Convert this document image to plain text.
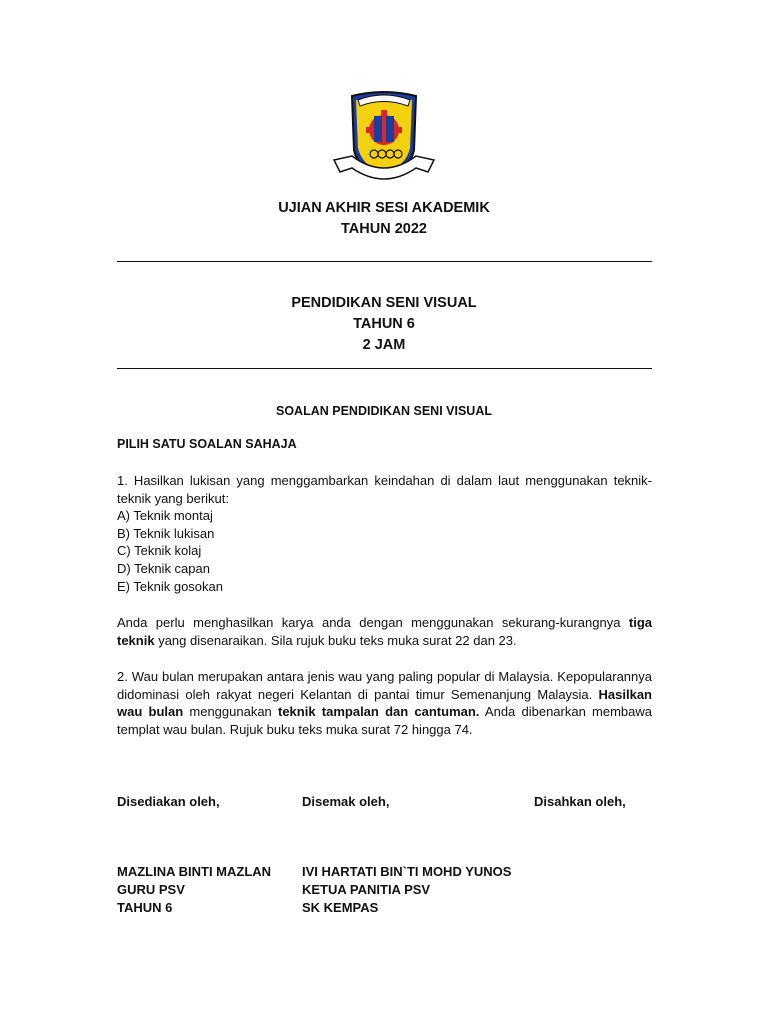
UJIAN AKHIR SESI AKADEMIK
TAHUN 2022
PENDIDIKAN SENI VISUAL
TAHUN 6
2 JAM
SOALAN PENDIDIKAN SENI VISUAL
PILIH SATU SOALAN SAHAJA
1. Hasilkan lukisan yang menggambarkan keindahan di dalam laut menggunakan teknik-teknik yang berikut:
A) Teknik montaj
B) Teknik lukisan
C) Teknik kolaj
D) Teknik capan
E) Teknik gosokan
Anda perlu menghasilkan karya anda dengan menggunakan sekurang-kurangnya tiga teknik yang disenaraikan. Sila rujuk buku teks muka surat 22 dan 23.
2. Wau bulan merupakan antara jenis wau yang paling popular di Malaysia. Kepopularannya didominasi oleh rakyat negeri Kelantan di pantai timur Semenanjung Malaysia. Hasilkan wau bulan menggunakan teknik tampalan dan cantuman. Anda dibenarkan membawa templat wau bulan. Rujuk buku teks muka surat 72 hingga 74.
Disediakan oleh,	Disemak oleh,	Disahkan oleh,
MAZLINA BINTI MAZLAN
GURU PSV
TAHUN 6
IVI HARTATI BIN`TI MOHD YUNOS
KETUA PANITIA PSV
SK KEMPAS
